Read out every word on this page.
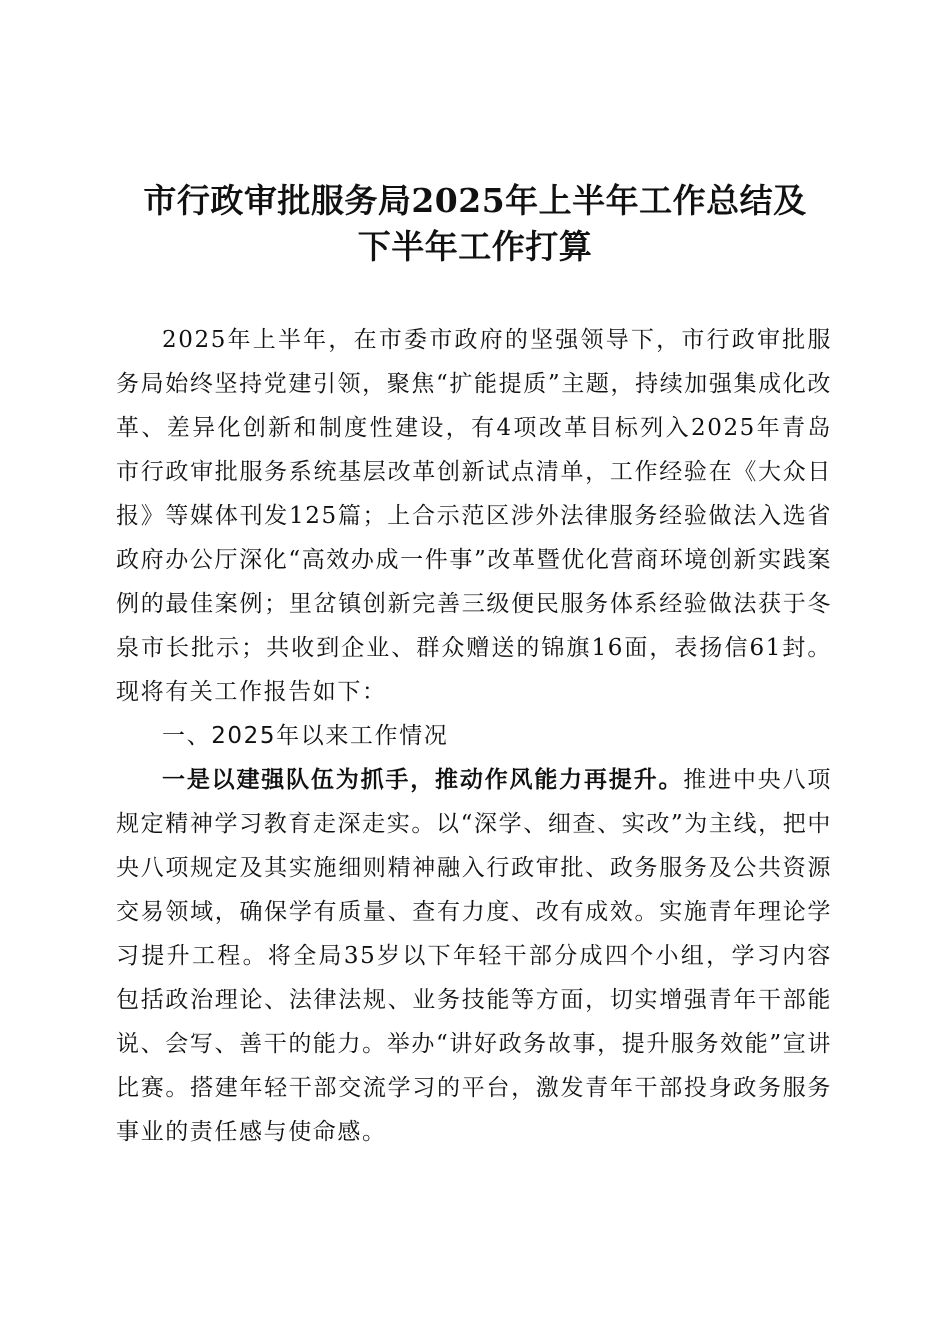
市行政审批服务局2025年上半年工作总结及
下半年工作打算

2025年上半年，在市委市政府的坚强领导下，市行政审批服务局始终坚持党建引领，聚焦“扩能提质”主题，持续加强集成化改革、差异化创新和制度性建设，有4项改革目标列入2025年青岛市行政审批服务系统基层改革创新试点清单，工作经验在《大众日报》等媒体刊发125篇；上合示范区涉外法律服务经验做法入选省政府办公厅深化“高效办成一件事”改革暨优化营商环境创新实践案例的最佳案例；里岔镇创新完善三级便民服务体系经验做法获于冬泉市长批示；共收到企业、群众赠送的锦旗16面，表扬信61封。现将有关工作报告如下：

一、2025年以来工作情况

一是以建强队伍为抓手，推动作风能力再提升。推进中央八项规定精神学习教育走深走实。以“深学、细查、实改”为主线，把中央八项规定及其实施细则精神融入行政审批、政务服务及公共资源交易领域，确保学有质量、查有力度、改有成效。实施青年理论学习提升工程。将全局35岁以下年轻干部分成四个小组，学习内容包括政治理论、法律法规、业务技能等方面，切实增强青年干部能说、会写、善干的能力。举办“讲好政务故事，提升服务效能”宣讲比赛。搭建年轻干部交流学习的平台，激发青年干部投身政务服务事业的责任感与使命感。
